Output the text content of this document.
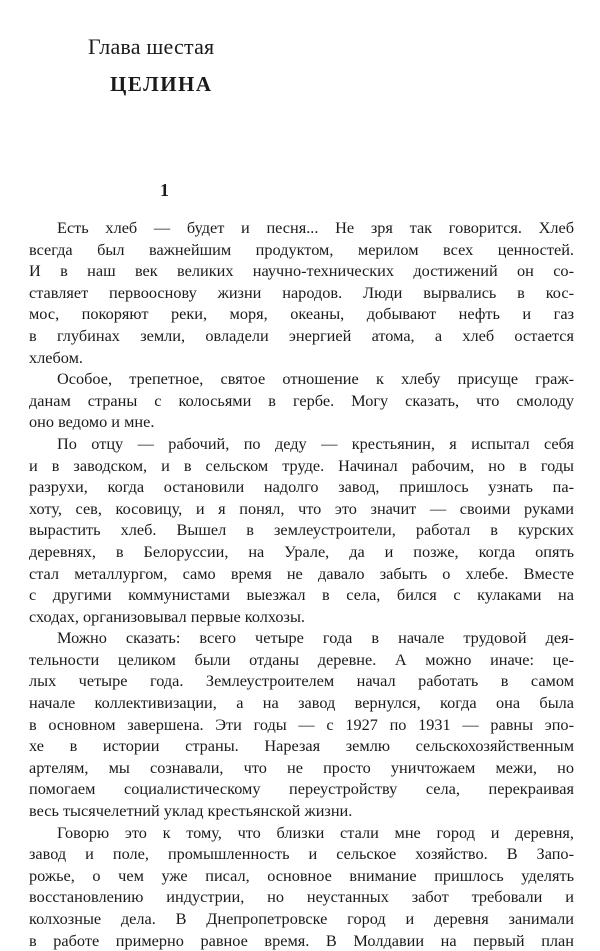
Глава шестая
ЦЕЛИНА
1

Есть хлеб — будет и песня... Не зря так говорится. Хлеб
всегда был важнейшим продуктом, мерилом всех ценностей.
И в наш век великих научно-технических достижений он со-
ставляет первооснову жизни народов. Люди вырвались в кос-
мос, покоряют реки, моря, океаны, добывают нефть и газ
в глубинах земли, овладели энергией атома, а хлеб остается
хлебом.

Особое, трепетное, святое отношение к хлебу присуще граж-
данам страны с колосьями в гербе. Могу сказать, что смолоду
оно ведомо и мне.

По отцу — рабочий, по деду — крестьянин, я испытал себя
и в заводском, и в сельском труде. Начинал рабочим, но в годы
разрухи, когда остановили надолго завод, пришлось узнать па-
хоту, сев, косовицу, и я понял, что это значит — своими руками
вырастить хлеб. Вышел в землеустроители, работал в курских
деревнях, в Белоруссии, на Урале, да и позже, когда опять
стал металлургом, само время не давало забыть о хлебе. Вместе
с другими коммунистами выезжал в села, бился с кулаками на
сходах, организовывал первые колхозы.

Можно сказать: всего четыре года в начале трудовой дея-
тельности целиком были отданы деревне. А можно иначе: це-
лых четыре года. Землеустроителем начал работать в самом
начале коллективизации, а на завод вернулся, когда она была
в основном завершена. Эти годы — с 1927 по 1931 — равны эпо-
хе в истории страны. Нарезая землю сельскохозяйственным
артелям, мы сознавали, что не просто уничтожаем межи, но
помогаем социалистическому переустройству села, перекраивая
весь тысячелетний уклад крестьянской жизни.

Говорю это к тому, что близки стали мне город и деревня,
завод и поле, промышленность и сельское хозяйство. В Запо-
рожье, о чем уже писал, основное внимание пришлось уделять
восстановлению индустрии, но неустанных забот требовали и
колхозные дела. В Днепропетровске город и деревня занимали
в работе примерно равное время. В Молдавии на первый план
